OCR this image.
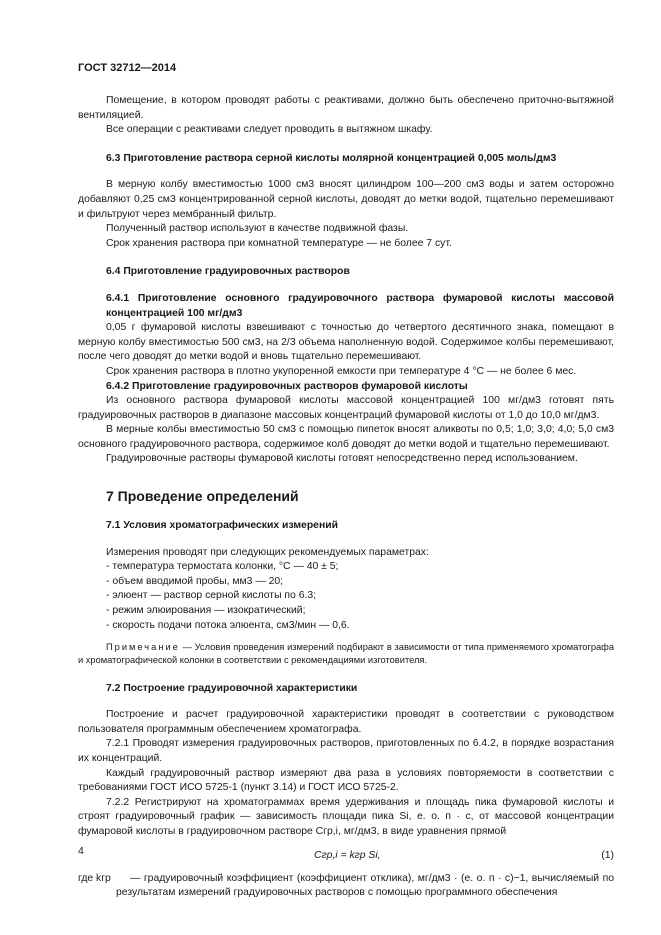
ГОСТ 32712—2014

Помещение, в котором проводят работы с реактивами, должно быть обеспечено приточно-вытяжной вентиляцией.

Все операции с реактивами следует проводить в вытяжном шкафу.

6.3 Приготовление раствора серной кислоты молярной концентрацией 0,005 моль/дм3

В мерную колбу вместимостью 1000 см3 вносят цилиндром 100—200 см3 воды и затем осторожно добавляют 0,25 см3 концентрированной серной кислоты, доводят до метки водой, тщательно перемешивают и фильтруют через мембранный фильтр.

Полученный раствор используют в качестве подвижной фазы.

Срок хранения раствора при комнатной температуре — не более 7 сут.

6.4 Приготовление градуировочных растворов

6.4.1 Приготовление основного градуировочного раствора фумаровой кислоты массовой концентрацией 100 мг/дм3

0,05 г фумаровой кислоты взвешивают с точностью до четвертого десятичного знака, помещают в мерную колбу вместимостью 500 см3, на 2/3 объема наполненную водой. Содержимое колбы перемешивают, после чего доводят до метки водой и вновь тщательно перемешивают.

Срок хранения раствора в плотно укупоренной емкости при температуре 4 °С — не более 6 мес.

6.4.2 Приготовление градуировочных растворов фумаровой кислоты

Из основного раствора фумаровой кислоты массовой концентрацией 100 мг/дм3 готовят пять градуировочных растворов в диапазоне массовых концентраций фумаровой кислоты от 1,0 до 10,0 мг/дм3.

В мерные колбы вместимостью 50 см3 с помощью пипеток вносят аликвоты по 0,5; 1,0; 3,0; 4,0; 5,0 см3 основного градуировочного раствора, содержимое колб доводят до метки водой и тщательно перемешивают.

Градуировочные растворы фумаровой кислоты готовят непосредственно перед использованием.

7 Проведение определений

7.1 Условия хроматографических измерений

Измерения проводят при следующих рекомендуемых параметрах:

- температура термостата колонки, °С — 40 ± 5;

- объем вводимой пробы, мм3 — 20;

- элюент — раствор серной кислоты по 6.3;

- режим элюирования — изократический;

- скорость подачи потока элюента, см3/мин — 0,6.

Примечание — Условия проведения измерений подбирают в зависимости от типа применяемого хроматографа и хроматографической колонки в соответствии с рекомендациями изготовителя.

7.2 Построение градуировочной характеристики

Построение и расчет градуировочной характеристики проводят в соответствии с руководством пользователя программным обеспечением хроматографа.

7.2.1 Проводят измерения градуировочных растворов, приготовленных по 6.4.2, в порядке возрастания их концентраций.

Каждый градуировочный раствор измеряют два раза в условиях повторяемости в соответствии с требованиями ГОСТ ИСО 5725-1 (пункт 3.14) и ГОСТ ИСО 5725-2.

7.2.2 Регистрируют на хроматограммах время удерживания и площадь пика фумаровой кислоты и строят градуировочный график — зависимость площади пика Si, е. о. п · с, от массовой концентрации фумаровой кислоты в градуировочном растворе Cгр,i, мг/дм3, в виде уравнения прямой

Cгр,i = kгр Si,	(1)
где kгр	— градуировочный коэффициент (коэффициент отклика), мг/дм3 · (е. о. п · с)−1, вычисляемый по результатам измерений градуировочных растворов с помощью программного обеспечения

4
